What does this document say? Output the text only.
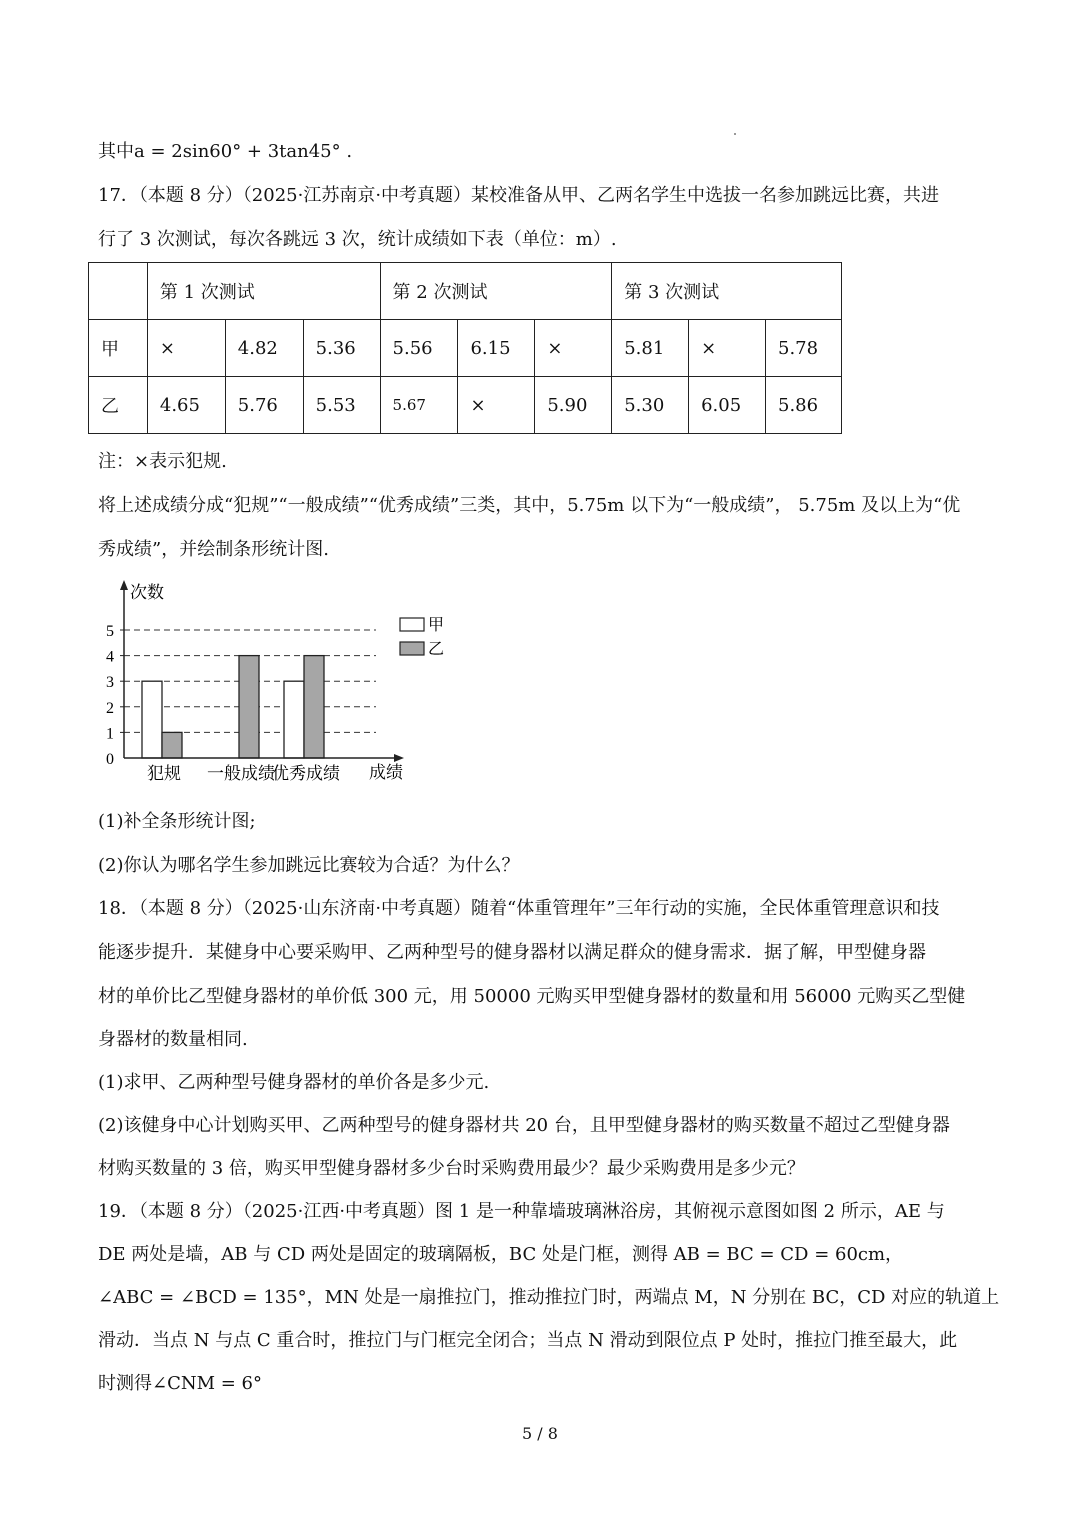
其中a = 2sin60° + 3tan45° .
17．（本题 8 分）（2025·江苏南京·中考真题）某校准备从甲、乙两名学生中选拔一名参加跳远比赛，共进
行了 3 次测试，每次各跳远 3 次，统计成绩如下表（单位：m）.
	第 1 次测试			第 2 次测试			第 3 次测试		
甲	×	4.82	5.36	5.56	6.15	×	5.81	×	5.78
乙	4.65	5.76	5.53	5.67	×	5.90	5.30	6.05	5.86
注：×表示犯规.
将上述成绩分成“犯规”“一般成绩”“优秀成绩”三类，其中，5.75m 以下为“一般成绩”， 5.75m 及以上为“优
秀成绩”，并绘制条形统计图.
0
1
2
3
4
5
犯规 一般成绩
优秀成绩
次数
成绩
甲
乙
(1)补全条形统计图;
(2)你认为哪名学生参加跳远比赛较为合适？为什么？
18．（本题 8 分）（2025·山东济南·中考真题）随着“体重管理年”三年行动的实施，全民体重管理意识和技
能逐步提升．某健身中心要采购甲、乙两种型号的健身器材以满足群众的健身需求．据了解，甲型健身器
材的单价比乙型健身器材的单价低 300 元，用 50000 元购买甲型健身器材的数量和用 56000 元购买乙型健
身器材的数量相同.
(1)求甲、乙两种型号健身器材的单价各是多少元.
(2)该健身中心计划购买甲、乙两种型号的健身器材共 20 台，且甲型健身器材的购买数量不超过乙型健身器
材购买数量的 3 倍，购买甲型健身器材多少台时采购费用最少？最少采购费用是多少元？
19．（本题 8 分）（2025·江西·中考真题）图 1 是一种靠墙玻璃淋浴房，其俯视示意图如图 2 所示，AE 与
DE 两处是墙，AB 与 CD 两处是固定的玻璃隔板，BC 处是门框，测得 AB = BC = CD = 60cm，
∠ABC = ∠BCD = 135°，MN 处是一扇推拉门，推动推拉门时，两端点 M，N 分别在 BC，CD 对应的轨道上
滑动．当点 N 与点 C 重合时，推拉门与门框完全闭合；当点 N 滑动到限位点 P 处时，推拉门推至最大，此
时测得∠CNM = 6°
5 / 8
